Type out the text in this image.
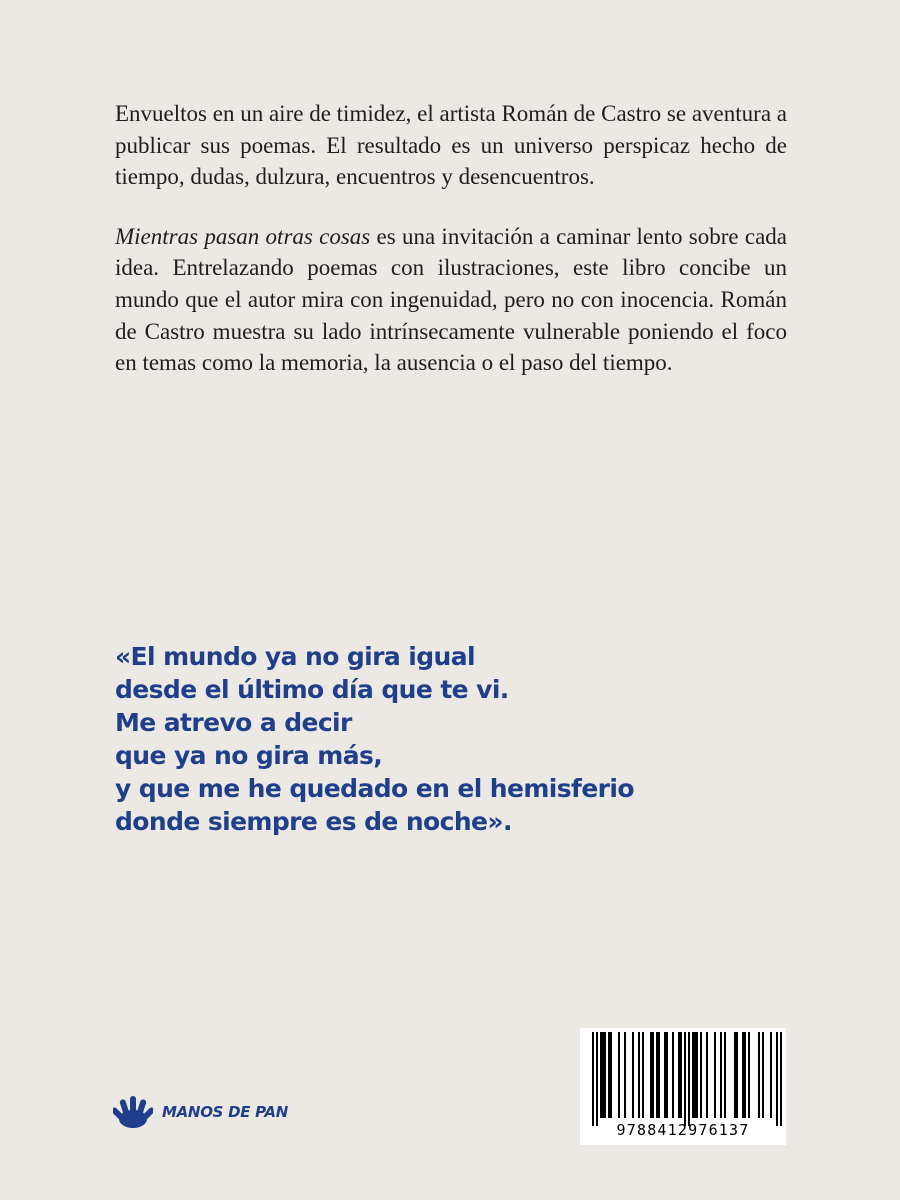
Envueltos en un aire de timidez, el artista Román de Castro se aventura a publicar sus poemas. El resultado es un universo perspicaz hecho de tiempo, dudas, dulzura, encuentros y desencuentros.

Mientras pasan otras cosas es una invitación a caminar lento sobre cada idea. Entrelazando poemas con ilustraciones, este libro concibe un mundo que el autor mira con ingenuidad, pero no con inocencia. Román de Castro muestra su lado intrínsecamente vulnerable poniendo el foco en temas como la memoria, la ausencia o el paso del tiempo.

«El mundo ya no gira igual
desde el último día que te vi.
Me atrevo a decir
que ya no gira más,
y que me he quedado en el hemisferio
donde siempre es de noche».
MANOS DE PAN
9788412976137
